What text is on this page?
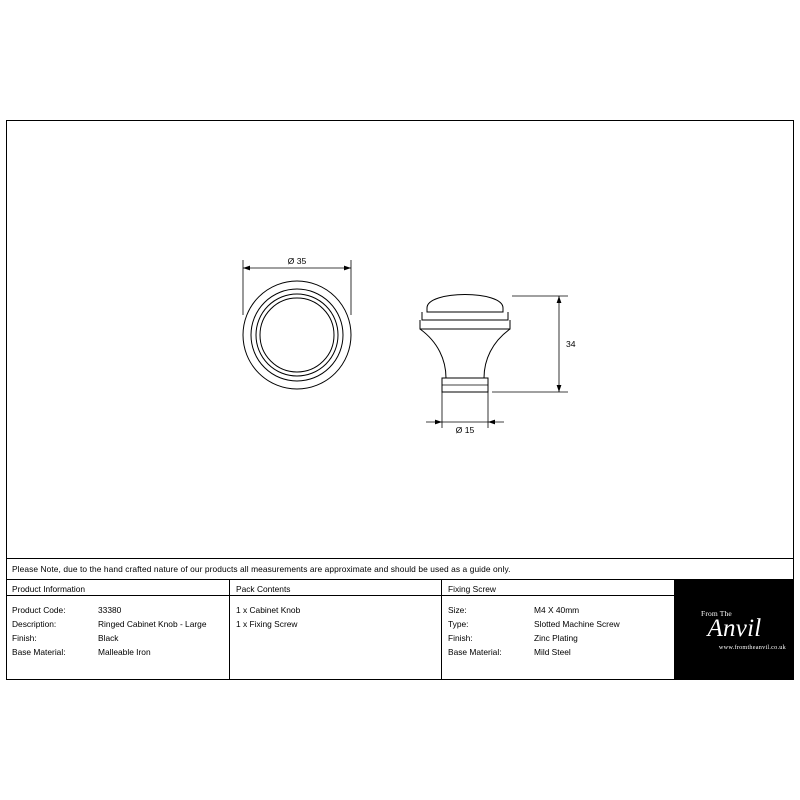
Ø 35
Ø 15
34
Please Note, due to the hand crafted nature of our products all measurements are approximate and should be used as a guide only.
Product Information
Product Code:	33380
Description:	Ringed Cabinet Knob - Large
Finish:	Black
Base Material:	Malleable Iron
Pack Contents
1 x Cabinet Knob
1 x Fixing Screw
Fixing Screw
Size:	M4 X 40mm
Type:	Slotted Machine Screw
Finish:	Zinc Plating
Base Material:	Mild Steel
From The
Anvil
www.fromtheanvil.co.uk
